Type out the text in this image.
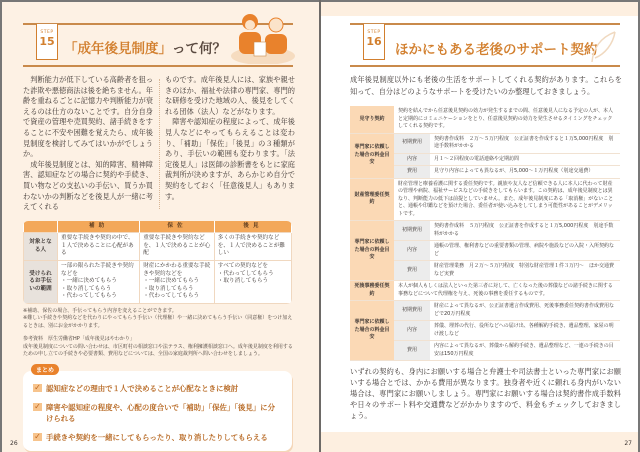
STEP
15 「成年後見制度」って何？

判断能力が低下している高齢者を狙った詐欺や悪徳商法は後を絶ちません。年齢を重ねるごとに記憶力や判断能力が衰えるのは仕方のないことです。自分自身で資産の管理や売買契約、諸手続きをすることに不安や困難を覚えたら、成年後見制度を検討してみてはいかがでしょうか。

成年後見制度とは、知的障害、精神障害、認知症などの場合に契約や手続き、買い物などの支払いの手伝い、買うか買わないかの判断などを後見人が一緒に考えてくれる

ものです。成年後見人には、家族や親せきのほか、福祉や法律の専門家、専門的な研修を受けた地域の人、後見をしてくれる団体（法人）などがなります。

障害や認知症の程度によって、成年後見人などにやってもらえることは変わり、「補助」「保佐」「後見」の３種類があり、手伝いの範囲も変わります。「法定後見人」は医師の診断書をもとに家庭裁判所が決めますが、あらかじめ自分で契約をしておく「任意後見人」もあります。

	補助	保佐	後見
対象となる人	重要な手続きや契約の中で、１人で決めることに心配がある	重要な手続きや契約などを、１人で決めることが心配	多くの手続きや契約などを、１人で決めることが難しい
受けられるお手伝いの範囲	一部の限られた手続きや契約などを
・一緒に決めてもらう
・取り消してもらう
・代わってしてもらう	財産にかかわる重要な手続きや契約などを
・一緒に決めてもらう
・取り消してもらう
・代わってしてもらう	すべての契約などを
・代わってしてもらう
・取り消してもらう
※補助、保佐の場合、手伝ってもらう内容を変えることができます。
※難しい手続きや契約などを代わりにやってもらう手伝い（代理権）や一緒に決めてもらう手伝い（同意権）をつけ加えるときは、別にお金がかかります。
参考資料　厚生労働省HP「成年後見はやわかり」
成年後見制度についての問い合わせは、市区町村の相談窓口や法テラス、権利擁護相談窓口へ。成年後見制度を利用するための申し立ての手続きや必要書類、費用などについては、全国の家庭裁判所へ問い合わせをしましょう。
まとめ
✓ 認知症などの理由で１人で決めることが心配なときに検討
✓ 障害や認知症の程度や、心配の度合いで「補助」「保佐」「後見」に分けられる
✓ 手続きや契約を一緒にしてもらったり、取り消したりしてもらえる
26
STEP
16
ほかにもある老後のサポート契約
成年後見制度以外にも老後の生活をサポートしてくれる契約があります。これらを知って、自分はどのようなサポートを受けたいのか整理しておきましょう。
27
見守り契約	契約を結んでから任意後見契約の効力が発生するまでの間、任意後見人になる予定の人が、本人と定期的にコミュニケーションをとり、任意後見契約の効力を発生させるタイミングをチェックしてくれる契約です。	
専門家に依頼した場合の料金目安	初期費用	契約書作成料　２万～５万円程度　公正証書を作成すると１万5,000円程度　別途手数料がかかる
	内容	月１～２回程度の電話連絡や定期訪問
	費用	見守り内容によっても異なるが、月5,000～１万円程度（別途交通費）
財産管理委任契約	財産管理と療養看護に関する委任契約です。親族や友人など信頼できる人に本人に代わって財産の管理や病院、福祉サービスなどの手続きをしてもらいます。この契約は、成年後見制度とは異なり、判断能力の低下は前提としていません。また、成年後見制度にある「取消権」がないことと、通帳や印鑑などを預けた場合、委任者が使い込みをしてしまう可能性があることがデメリットです。	
専門家に依頼した場合の料金目安	初期費用	契約書作成料　５万円程度　公正証書を作成すると１万5,000円程度　別途手数料がかかる
	内容	通帳の管理、権利書などの重要書類の管理、病院や施設などの入院・入所契約など
	費用	財産管理業務　月２万～５万円程度　特別な財産管理１件３万円～　ほか交通費など実費
死後事務委任契約	本人が個人もしくは法人といった第三者に対して、亡くなった後の葬儀などの諸手続きに関する事務などについて代理権を与え、死後の事務を委任するものです。	
専門家に依頼した場合の料金目安	初期費用	財産によって異なるが、公正証書遺言作成費用、死後事務委任契約書作成費用などで20万円程度
	内容	葬儀、埋葬の代行、役所などへの届け出、各種解約手続き、遺品整理、家屋の明け渡しなど
	費用	内容によって異なるが、葬儀から解約手続き、遺品整理など、一連の手続きの目安は150万円程度
いずれの契約も、身内にお願いする場合と弁護士や司法書士といった専門家にお願いする場合とでは、かかる費用が異なります。独身者や近くに頼れる身内がいない場合は、専門家にお願いしましょう。専門家にお願いする場合は契約書作成手数料や日々のサポート料や交通費などがかかりますので、料金もチェックしておきましょう。
